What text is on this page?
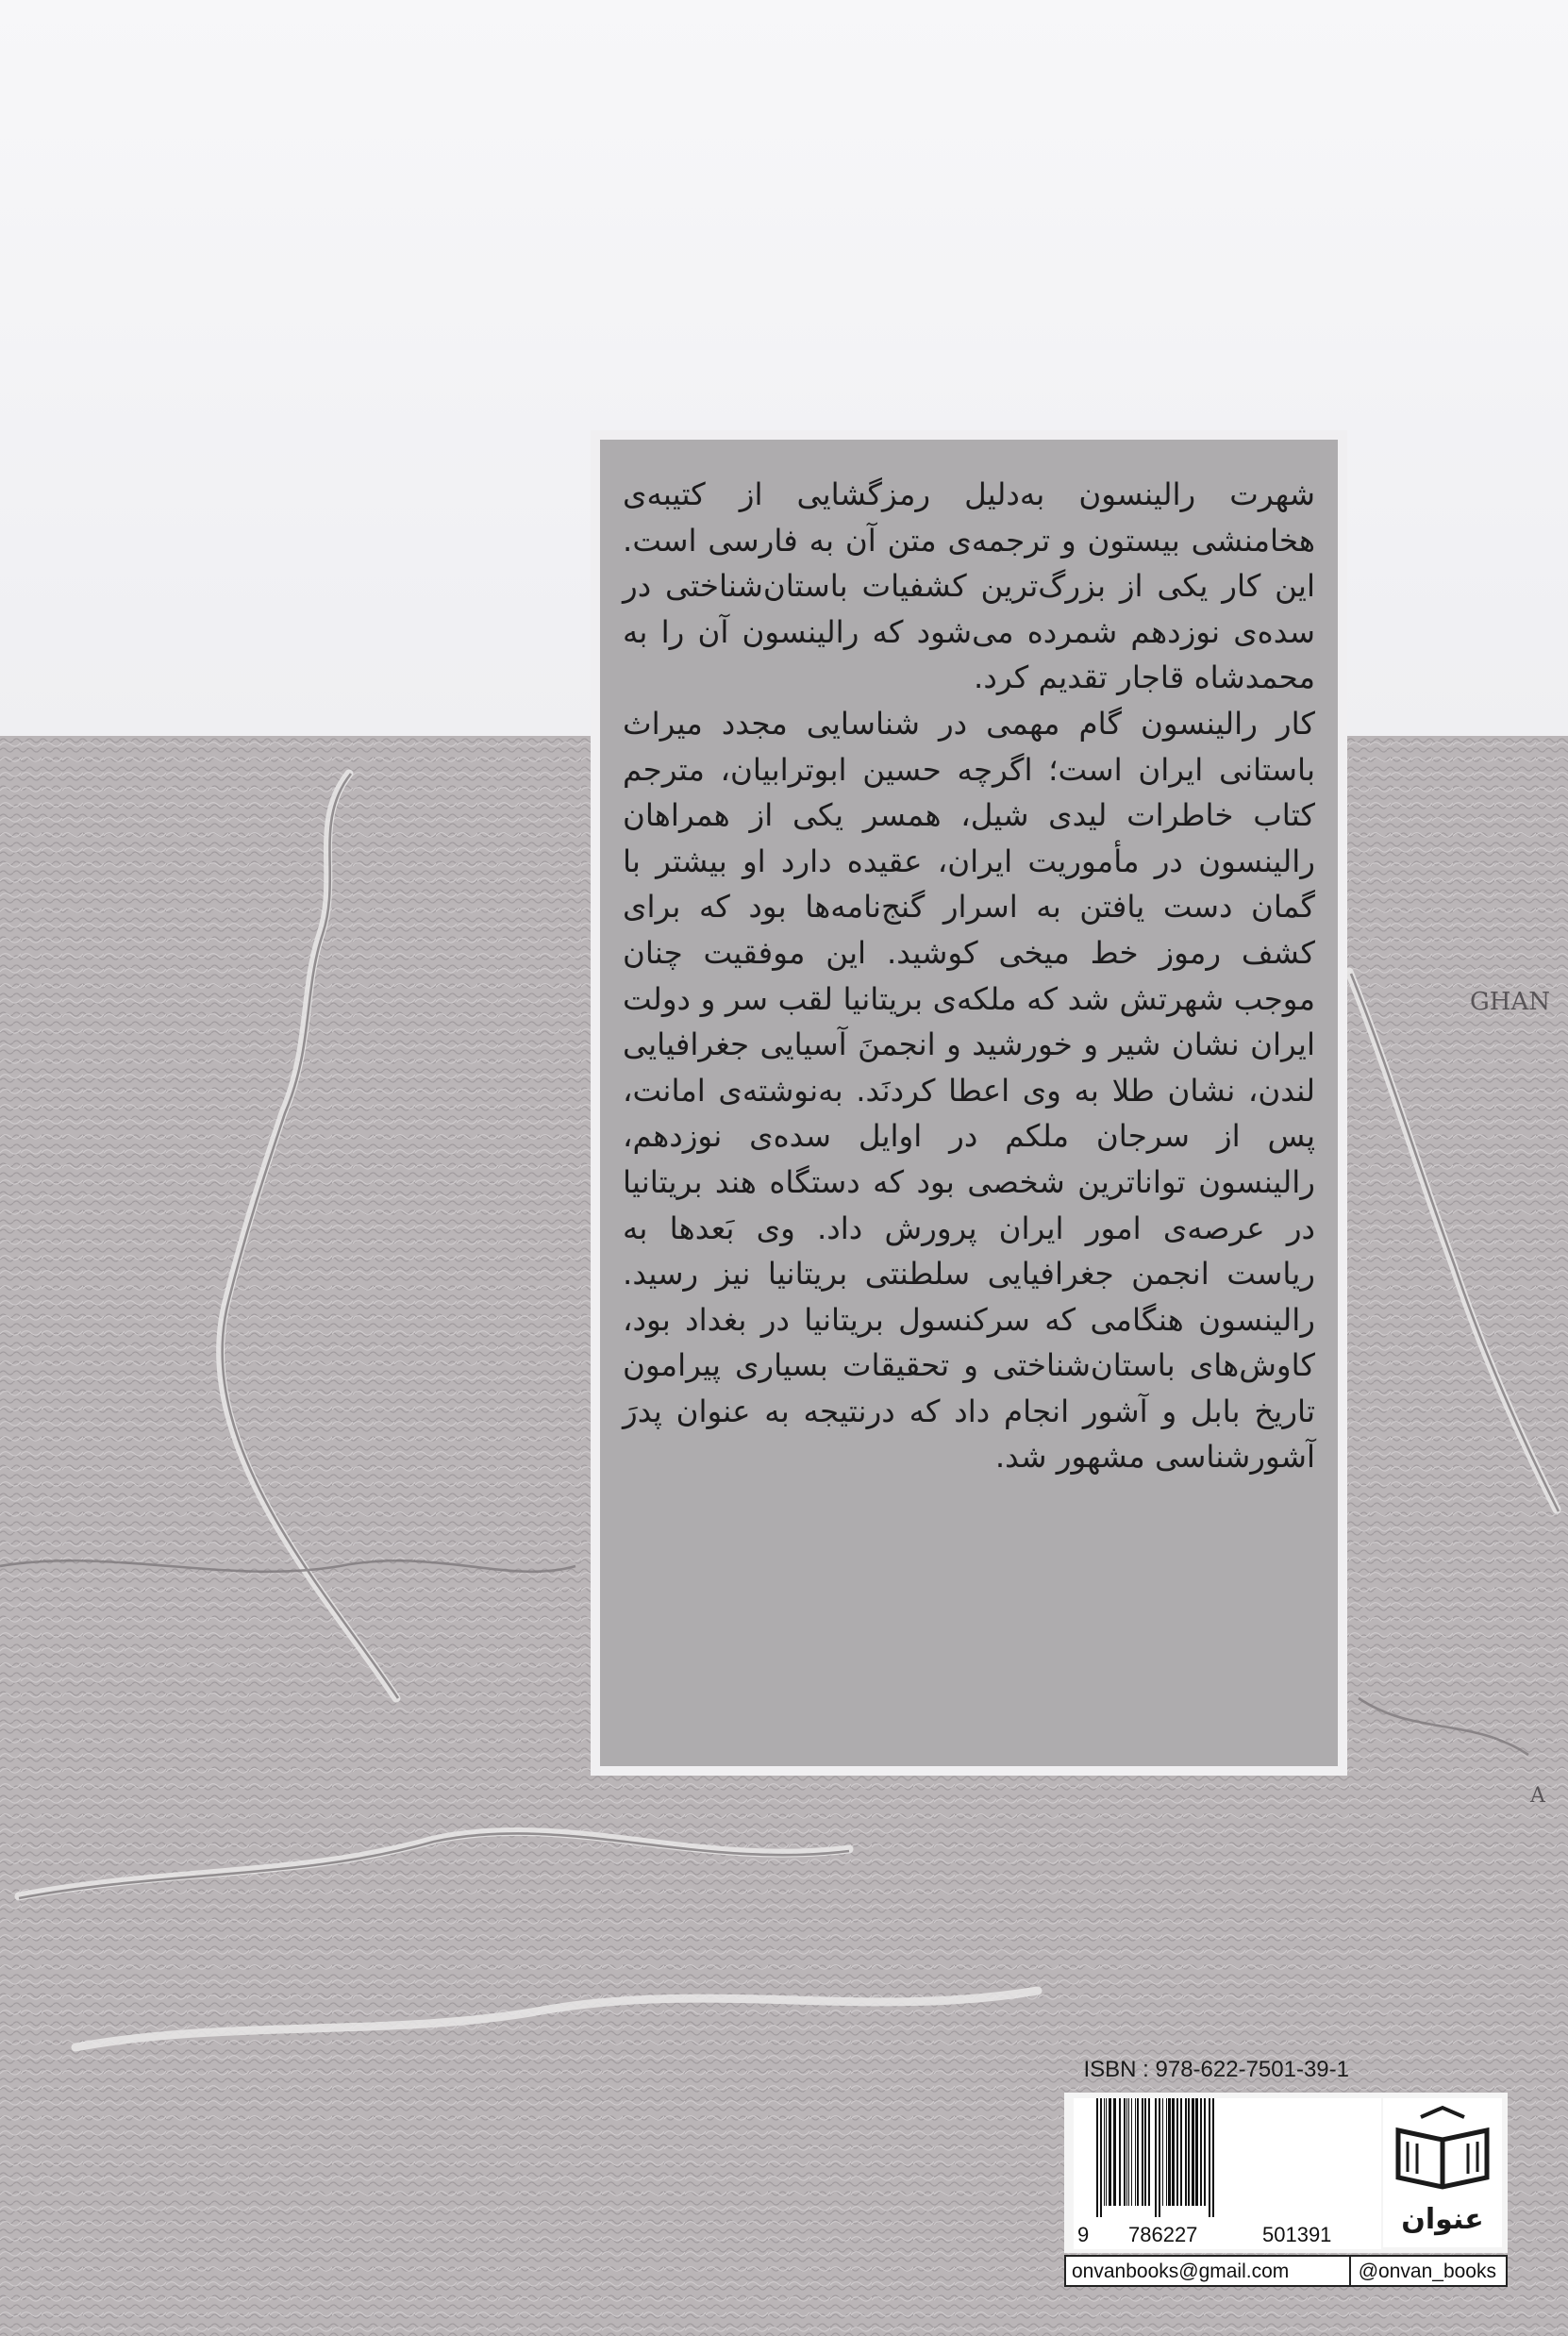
GHAN
A

شهرت رالینسون به‌دلیل رمزگشایی از کتیبه‌ی هخامنشی بیستون و ترجمه‌ی متن آن به فارسی است. این کار یکی از بزرگ‌ترین کشفیات باستان‌شناختی در سده‌ی نوزدهم شمرده می‌شود که رالینسون آن را به محمدشاه قاجار تقدیم کرد.

کار رالینسون گام مهمی در شناسایی مجدد میراث باستانی ایران است؛ اگرچه حسین ابوترابیان، مترجم کتاب خاطرات لیدی شیل، همسر یکی از همراهان رالینسون در مأموریت ایران، عقیده دارد او بیشتر با گمان دست یافتن به اسرار گنج‌نامه‌ها بود که برای کشف رموز خط میخی کوشید. این موفقیت چنان موجب شهرتش شد که ملکه‌ی بریتانیا لقب سر و دولت ایران نشان شیر و خورشید و انجمنَ آسیایی جغرافیایی لندن، نشان طلا به وی اعطا کردنَد. به‌نوشته‌ی امانت، پس از سرجان ملکم در اوایل سده‌ی نوزدهم، رالینسون تواناترین شخصی بود که دستگاه هند بریتانیا در عرصه‌ی امور ایران پرورش داد. وی بَعدها به ریاست انجمن جغرافیایی سلطنتی بریتانیا نیز رسید. رالینسون هنگامی که سرکنسول بریتانیا در بغداد بود، کاوش‌های باستان‌شناختی و تحقیقات بسیاری پیرامون تاریخ بابل و آشور انجام داد که درنتیجه به عنوان پدرَ آشورشناسی مشهور شد.

ISBN : 978-622-7501-39-1
9 786227	501391 عنوان
onvanbooks@gmail.com	@onvan_books
